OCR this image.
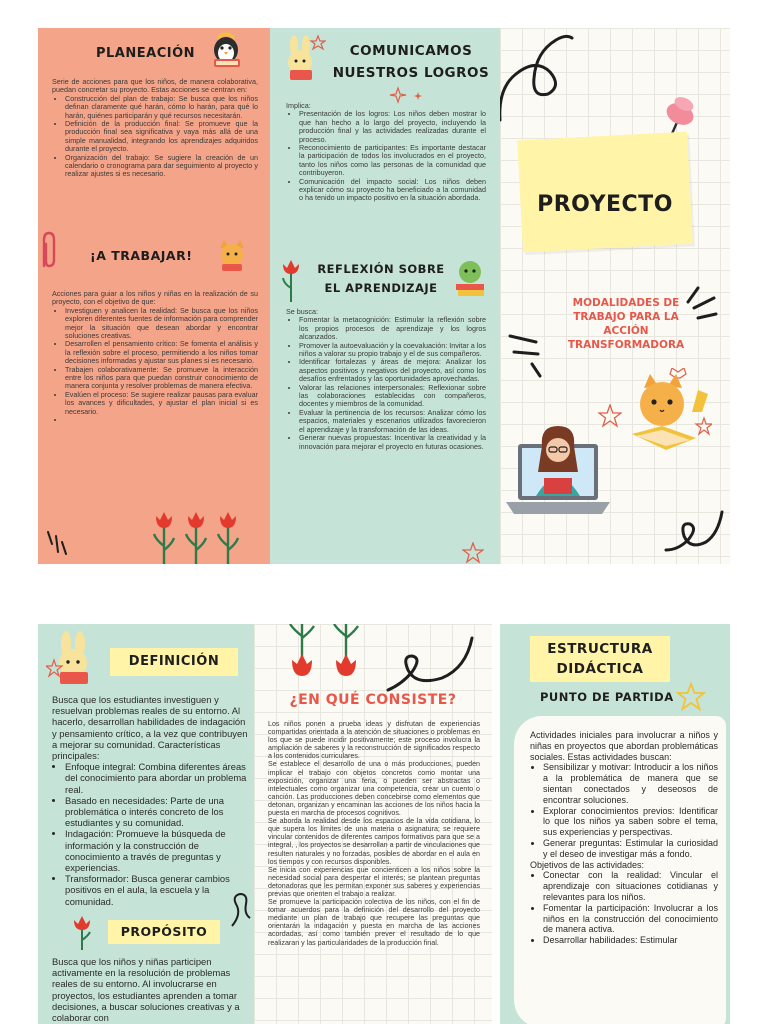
PLANEACIÓN
Serie de acciones para que los niños, de manera colaborativa, puedan concretar su proyecto. Estas acciones se centran en:
• Construcción del plan de trabajo: Se busca que los niños definan claramente qué harán, cómo lo harán, para qué lo harán, quiénes participarán y qué recursos necesitarán.
• Definición de la producción final: Se promueve que la producción final sea significativa y vaya más allá de una simple manualidad, integrando los aprendizajes adquiridos durante el proyecto.
• Organización del trabajo: Se sugiere la creación de un calendario o cronograma para dar seguimiento al proyecto y realizar ajustes si es necesario.
¡A TRABAJAR!
Acciones para guiar a los niños y niñas en la realización de su proyecto, con el objetivo de que:
• Investiguen y analicen la realidad: Se busca que los niños exploren diferentes fuentes de información para comprender mejor la situación que desean abordar y encontrar soluciones creativas.
• Desarrollen el pensamiento crítico: Se fomenta el análisis y la reflexión sobre el proceso, permitiendo a los niños tomar decisiones informadas y ajustar sus planes si es necesario.
• Trabajen colaborativamente: Se promueve la interacción entre los niños para que puedan construir conocimiento de manera conjunta y resolver problemas de manera efectiva.
• Evalúen el proceso: Se sugiere realizar pausas para evaluar los avances y dificultades, y ajustar el plan inicial si es necesario.
•
COMUNICAMOS
NUESTROS LOGROS
Implica:
• Presentación de los logros: Los niños deben mostrar lo que han hecho a lo largo del proyecto, incluyendo la producción final y las actividades realizadas durante el proceso.
• Reconocimiento de participantes: Es importante destacar la participación de todos los involucrados en el proyecto, tanto los niños como las personas de la comunidad que contribuyeron.
• Comunicación del impacto social: Los niños deben explicar cómo su proyecto ha beneficiado a la comunidad o ha tenido un impacto positivo en la situación abordada.
REFLEXIÓN SOBRE
EL APRENDIZAJE
Se busca:
• Fomentar la metacognición: Estimular la reflexión sobre los propios procesos de aprendizaje y los logros alcanzados.
• Promover la autoevaluación y la coevaluación: Invitar a los niños a valorar su propio trabajo y el de sus compañeros.
• Identificar fortalezas y áreas de mejora: Analizar los aspectos positivos y negativos del proyecto, así como los desafíos enfrentados y las oportunidades aprovechadas.
• Valorar las relaciones interpersonales: Reflexionar sobre las colaboraciones establecidas con compañeros, docentes y miembros de la comunidad.
• Evaluar la pertinencia de los recursos: Analizar cómo los espacios, materiales y escenarios utilizados favorecieron el aprendizaje y la transformación de las ideas.
• Generar nuevas propuestas: Incentivar la creatividad y la innovación para mejorar el proyecto en futuras ocasiones.
PROYECTO
MODALIDADES DE
TRABAJO PARA LA
ACCIÓN
TRANSFORMADORA
DEFINICIÓN
Busca que los estudiantes investiguen y resuelvan problemas reales de su entorno. Al hacerlo, desarrollan habilidades de indagación y pensamiento crítico, a la vez que contribuyen a mejorar su comunidad. Características principales:
• Enfoque integral: Combina diferentes áreas del conocimiento para abordar un problema real.
• Basado en necesidades: Parte de una problemática o interés concreto de los estudiantes y su comunidad.
• Indagación: Promueve la búsqueda de información y la construcción de conocimiento a través de preguntas y experiencias.
• Transformador: Busca generar cambios positivos en el aula, la escuela y la comunidad.
PROPÓSITO
Busca que los niños y niñas participen activamente en la resolución de problemas reales de su entorno. Al involucrarse en proyectos, los estudiantes aprenden a tomar decisiones, a buscar soluciones creativas y a colaborar con
¿EN QUÉ CONSISTE?
Los niños ponen a prueba ideas y disfrutan de experiencias compartidas orientada a la atención de situaciones o problemas en los que se puede incidir positivamente; este proceso involucra la ampliación de saberes y la reconstrucción de significados respecto a los contenidos curriculares.
Se establece el desarrollo de una o más producciones, pueden implicar el trabajo con objetos concretos como montar una exposición, organizar una feria, o pueden ser abstractas o intelectuales como organizar una competencia, crear un cuento o canción. Las producciones deben concebirse como elementos que detonan, organizan y encaminan las acciones de los niños hacia la puesta en marcha de procesos cognitivos.
Se aborda la realidad desde los espacios de la vida cotidiana, lo que supera los límites de una materia o asignatura; se requiere vincular contenidos de diferentes campos formativos para que se a integral, , los proyectos se desarrollan a partir de vinculaciones que resulten naturales y no forzadas, posibles de abordar en el aula en los tiempos y con recursos disponibles.
Se inicia con experiencias que concienticen a los niños sobre la necesidad social para despertar el interés; se plantean preguntas detonadoras que les permitan exponer sus saberes y experiencias previas que orienten el trabajo a realizar.
Se promueve la participación colectiva de los niños, con el fin de tomar acuerdos para la definición del desarrollo del proyecto mediante un plan de trabajo que recupere las preguntas que orientarán la indagación y puesta en marcha de las acciones acordadas, así como también prever el resultado de lo que realizaran y las particularidades de la producción final.
ESTRUCTURA
DIDÁCTICA
PUNTO DE PARTIDA
Actividades iniciales para involucrar a niños y niñas en proyectos que abordan problemáticas sociales. Estas actividades buscan:
• Sensibilizar y motivar: Introducir a los niños a la problemática de manera que se sientan conectados y deseosos de encontrar soluciones.
• Explorar conocimientos previos: Identificar lo que los niños ya saben sobre el tema, sus experiencias y perspectivas.
• Generar preguntas: Estimular la curiosidad y el deseo de investigar más a fondo.
Objetivos de las actividades:
• Conectar con la realidad: Vincular el aprendizaje con situaciones cotidianas y relevantes para los niños.
• Fomentar la participación: Involucrar a los niños en la construcción del conocimiento de manera activa.
• Desarrollar habilidades: Estimular
